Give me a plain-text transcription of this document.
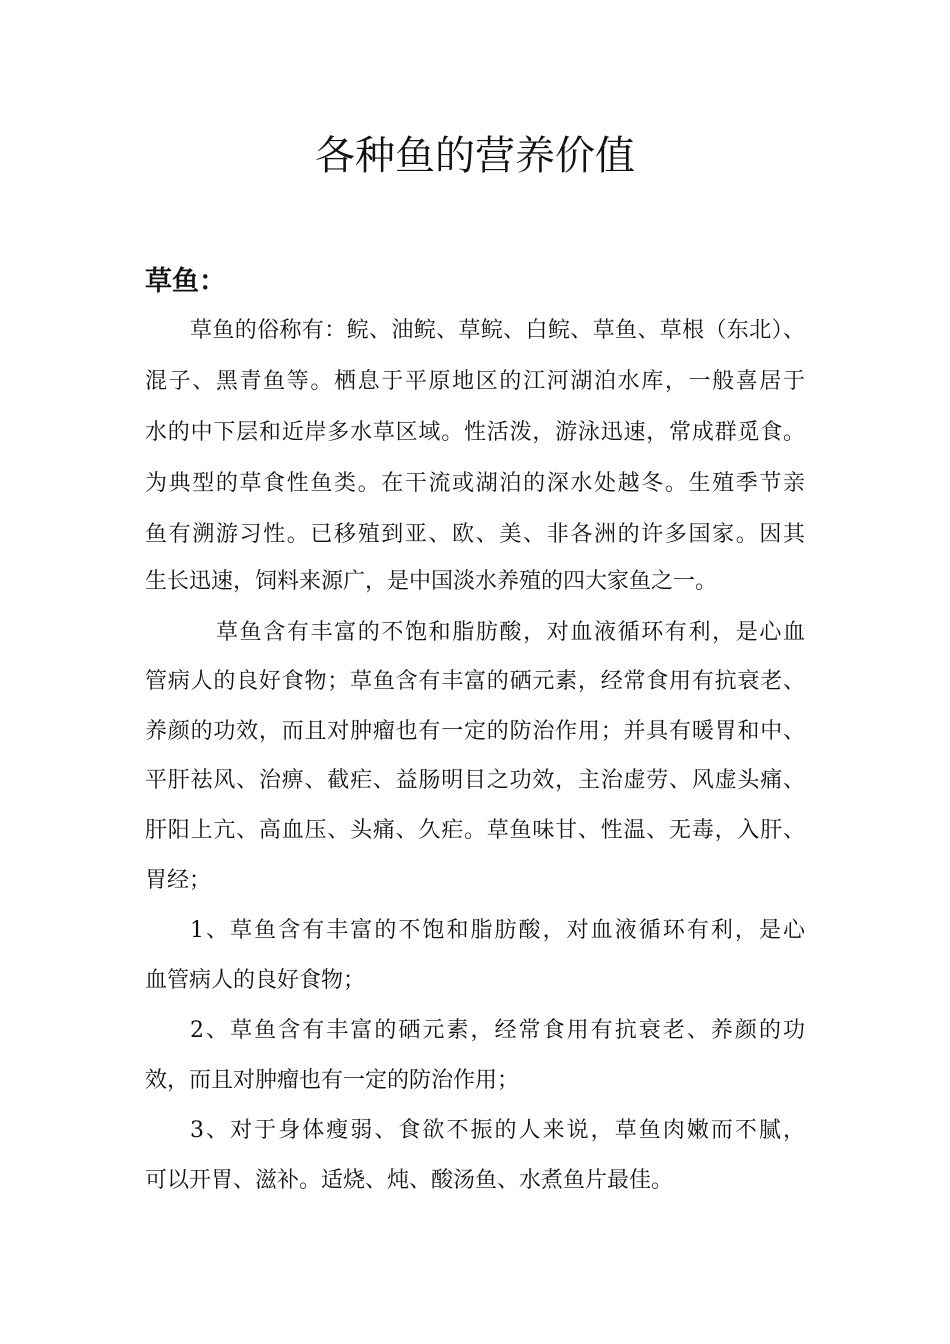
各种鱼的营养价值
草鱼：

草鱼的俗称有：鲩、油鲩、草鲩、白鲩、草鱼、草根（东北）、

混子、黑青鱼等。栖息于平原地区的江河湖泊水库，一般喜居于

水的中下层和近岸多水草区域。性活泼，游泳迅速，常成群觅食。

为典型的草食性鱼类。在干流或湖泊的深水处越冬。生殖季节亲

鱼有溯游习性。已移殖到亚、欧、美、非各洲的许多国家。因其

生长迅速，饲料来源广，是中国淡水养殖的四大家鱼之一。

草鱼含有丰富的不饱和脂肪酸，对血液循环有利，是心血

管病人的良好食物；草鱼含有丰富的硒元素，经常食用有抗衰老、

养颜的功效，而且对肿瘤也有一定的防治作用；并具有暖胃和中、

平肝祛风、治痹、截疟、益肠明目之功效，主治虚劳、风虚头痛、

肝阳上亢、高血压、头痛、久疟。草鱼味甘、性温、无毒，入肝、

胃经；

1、草鱼含有丰富的不饱和脂肪酸，对血液循环有利，是心

血管病人的良好食物；

2、草鱼含有丰富的硒元素，经常食用有抗衰老、养颜的功

效，而且对肿瘤也有一定的防治作用；

3、对于身体瘦弱、食欲不振的人来说，草鱼肉嫩而不腻，

可以开胃、滋补。适烧、炖、酸汤鱼、水煮鱼片最佳。
